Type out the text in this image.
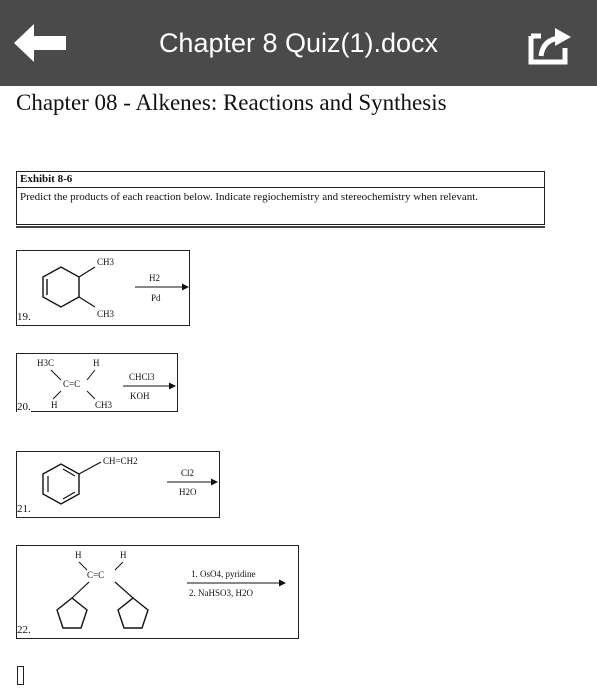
Chapter 8 Quiz(1).docx
Chapter 08 - Alkenes: Reactions and Synthesis
Exhibit 8-6
Predict the products of each reaction below. Indicate regiochemistry and stereochemistry when relevant.
CH3
CH3
H2
Pd
19.
H3C	H
C=C
H	CH3
CHCl3
KOH
20.
CH=CH2
Cl2
H2O
21.
H	H
C=C	1. OsO4, pyridine
2. NaHSO3, H2O
22.
